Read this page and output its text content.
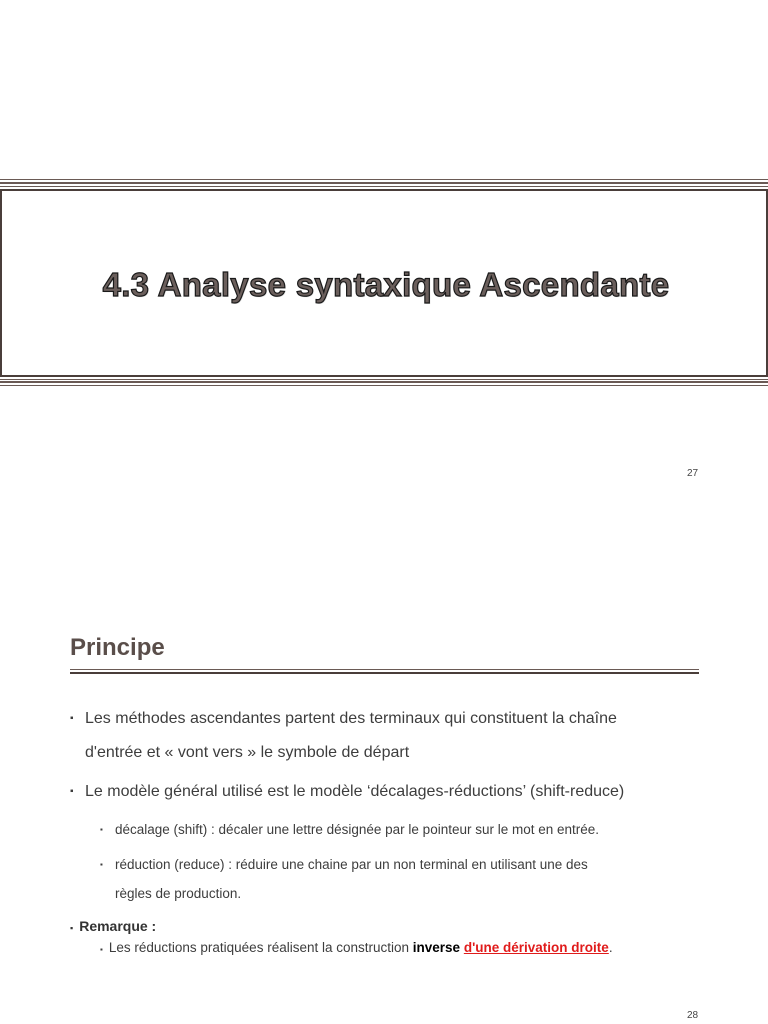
4.3 Analyse syntaxique Ascendante
27
Principe
▪ Les méthodes ascendantes partent des terminaux qui constituent la chaîne
d'entrée et « vont vers » le symbole de départ
▪ Le modèle général utilisé est le modèle ‘décalages-réductions’ (shift-reduce)
▪ décalage (shift) : décaler une lettre désignée par le pointeur sur le mot en entrée.
▪ réduction (reduce) : réduire une chaine par un non terminal en utilisant une des
règles de production.
▪ Remarque :
▪ Les réductions pratiquées réalisent la construction inverse d'une dérivation droite.
28
